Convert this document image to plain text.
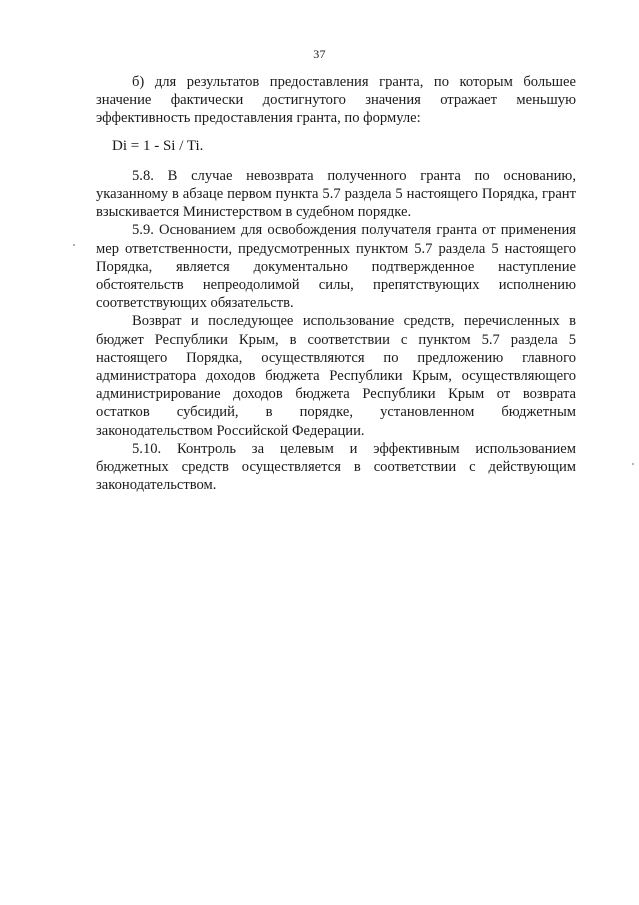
37

б) для результатов предоставления гранта, по которым большее значение фактически достигнутого значения отражает меньшую эффективность предоставления гранта, по формуле:

Di = 1 - Si / Ti.

5.8. В случае невозврата полученного гранта по основанию, указанному в абзаце первом пункта 5.7 раздела 5 настоящего Порядка, грант взыскивается Министерством в судебном порядке.

5.9. Основанием для освобождения получателя гранта от применения мер ответственности, предусмотренных пунктом 5.7 раздела 5 настоящего Порядка, является документально подтвержденное наступление обстоятельств непреодолимой силы, препятствующих исполнению соответствующих обязательств.

Возврат и последующее использование средств, перечисленных в бюджет Республики Крым, в соответствии с пунктом 5.7 раздела 5 настоящего Порядка, осуществляются по предложению главного администратора доходов бюджета Республики Крым, осуществляющего администрирование доходов бюджета Республики Крым от возврата остатков субсидий, в порядке, установленном бюджетным законодательством Российской Федерации.

5.10. Контроль за целевым и эффективным использованием бюджетных средств осуществляется в соответствии с действующим законодательством.
